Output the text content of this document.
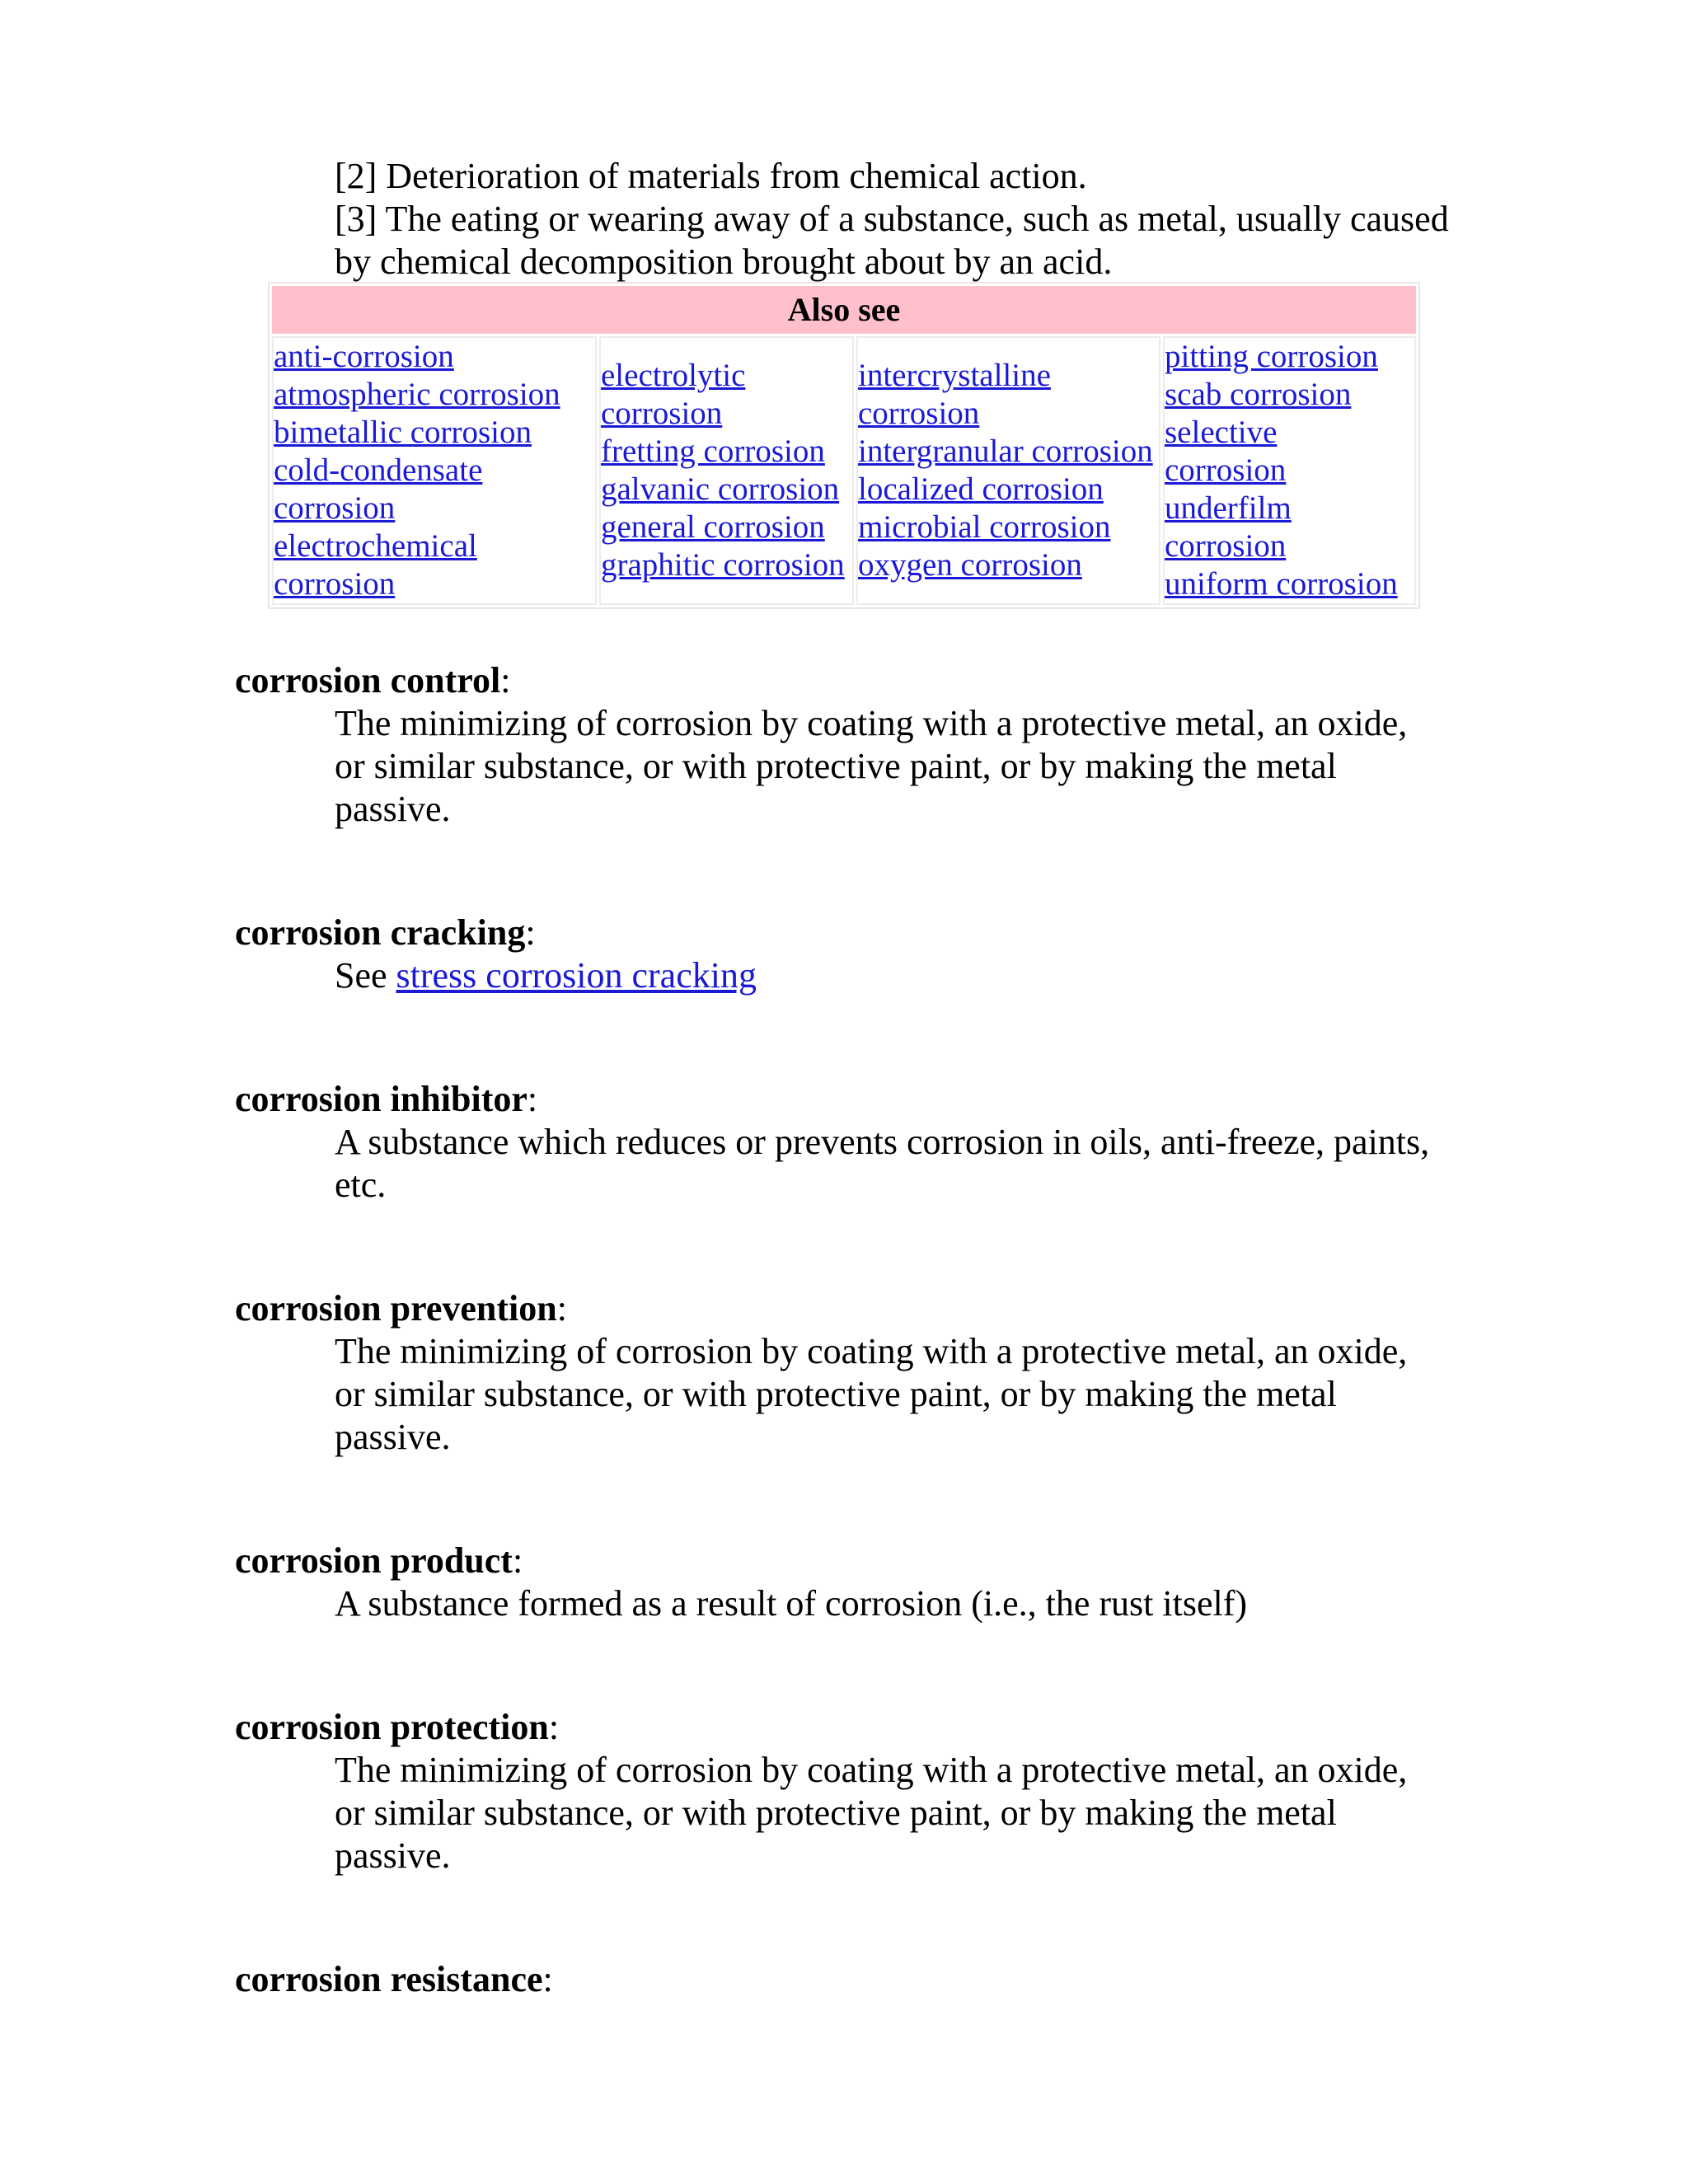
[2] Deterioration of materials from chemical action.

[3] The eating or wearing away of a substance, such as metal, usually caused by chemical decomposition brought about by an acid.

Also see

anti-corrosion
atmospheric corrosion
bimetallic corrosion
cold-condensate
corrosion
electrochemical
corrosion

electrolytic
corrosion
fretting corrosion
galvanic corrosion
general corrosion
graphitic corrosion

intercrystalline
corrosion
intergranular corrosion
localized corrosion
microbial corrosion
oxygen corrosion

pitting corrosion
scab corrosion
selective
corrosion
underfilm
corrosion
uniform corrosion
corrosion control:
The minimizing of corrosion by coating with a protective metal, an oxide, or similar substance, or with protective paint, or by making the metal passive.
corrosion cracking:
See stress corrosion cracking
corrosion inhibitor:
A substance which reduces or prevents corrosion in oils, anti-freeze, paints, etc.
corrosion prevention:
The minimizing of corrosion by coating with a protective metal, an oxide, or similar substance, or with protective paint, or by making the metal passive.
corrosion product:
A substance formed as a result of corrosion (i.e., the rust itself)
corrosion protection:
The minimizing of corrosion by coating with a protective metal, an oxide, or similar substance, or with protective paint, or by making the metal passive.
corrosion resistance:
